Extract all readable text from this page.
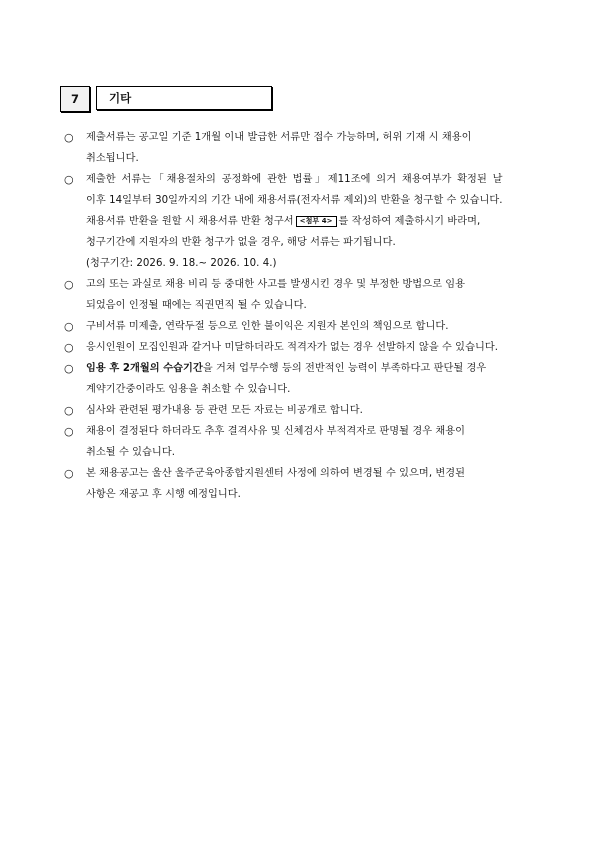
7	기타
○	제출서류는 공고일 기준 1개월 이내 발급한 서류만 접수 가능하며, 허위 기재 시 채용이
취소됩니다.
○	제출한 서류는「채용절차의 공정화에 관한 법률」제11조에 의거 채용여부가 확정된 날
이후 14일부터 30일까지의 기간 내에 채용서류(전자서류 제외)의 반환을 청구할 수 있습니다.
채용서류 반환을 원할 시 채용서류 반환 청구서 <첨부 4> 를 작성하여 제출하시기 바라며,
청구기간에 지원자의 반환 청구가 없을 경우, 해당 서류는 파기됩니다.
(청구기간: 2026. 9. 18.~ 2026. 10. 4.)
○	고의 또는 과실로 채용 비리 등 중대한 사고를 발생시킨 경우 및 부정한 방법으로 임용
되었음이 인정될 때에는 직권면직 될 수 있습니다.
○	구비서류 미제출, 연락두절 등으로 인한 불이익은 지원자 본인의 책임으로 합니다.
○	응시인원이 모집인원과 같거나 미달하더라도 적격자가 없는 경우 선발하지 않을 수 있습니다.
○	임용 후 2개월의 수습기간을 거쳐 업무수행 등의 전반적인 능력이 부족하다고 판단될 경우
계약기간중이라도 임용을 취소할 수 있습니다.
○	심사와 관련된 평가내용 등 관련 모든 자료는 비공개로 합니다.
○	채용이 결정된다 하더라도 추후 결격사유 및 신체검사 부적격자로 판명될 경우 채용이
취소될 수 있습니다.
○	본 채용공고는 울산 울주군육아종합지원센터 사정에 의하여 변경될 수 있으며, 변경된
사항은 재공고 후 시행 예정입니다.
